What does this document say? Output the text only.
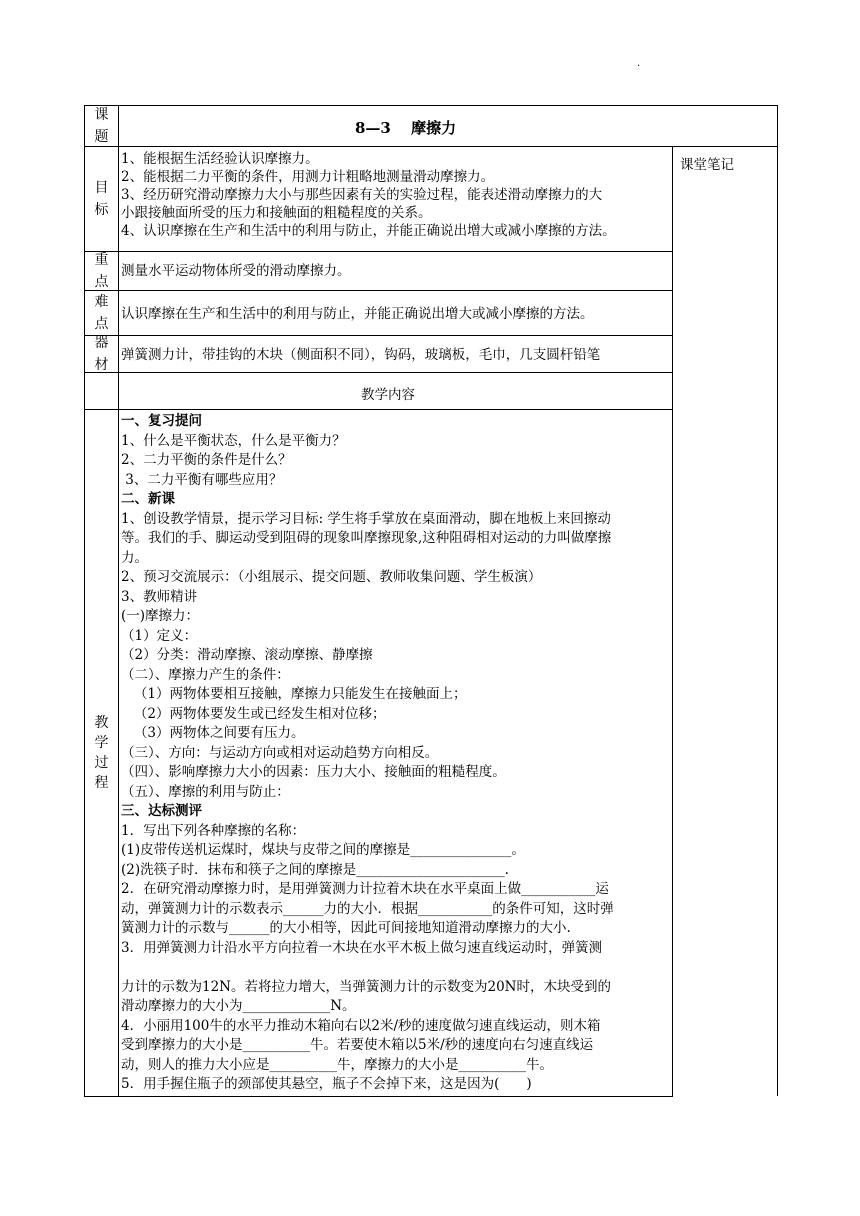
.
课
题	8—3　 摩擦力
目
标
1、能根据生活经验认识摩擦力。
2、能根据二力平衡的条件，用测力计粗略地测量滑动摩擦力。
3、经历研究滑动摩擦力大小与那些因素有关的实验过程，能表述滑动摩擦力的大
小跟接触面所受的压力和接触面的粗糙程度的关系。
4、认识摩擦在生产和生活中的利用与防止，并能正确说出增大或减小摩擦的方法。
课堂笔记
重
点
测量水平运动物体所受的滑动摩擦力。
难
点
认识摩擦在生产和生活中的利用与防止，并能正确说出增大或减小摩擦的方法。
器
材
弹簧测力计，带挂钩的木块（侧面积不同），钩码，玻璃板，毛巾，几支圆杆铅笔
教学内容
教
学
过
程
一、复习提问
1、什么是平衡状态，什么是平衡力？
2、二力平衡的条件是什么？
3、二力平衡有哪些应用？
二、新课
1、创设教学情景，提示学习目标: 学生将手掌放在桌面滑动，脚在地板上来回擦动
等。我们的手、脚运动受到阻碍的现象叫摩擦现象,这种阻碍相对运动的力叫做摩擦
力。
2、预习交流展示：（小组展示、提交问题、教师收集问题、学生板演）
3、教师精讲
(一)摩擦力：
（1）定义：
（2）分类：滑动摩擦、滚动摩擦、静摩擦
（二）、摩擦力产生的条件：
（1）两物体要相互接触，摩擦力只能发生在接触面上；
（2）两物体要发生或已经发生相对位移；
（3）两物体之间要有压力。
（三）、方向：与运动方向或相对运动趋势方向相反。
（四）、影响摩擦力大小的因素：压力大小、接触面的粗糙程度。
（五）、摩擦的利用与防止：
三、达标测评
1．写出下列各种摩擦的名称：
(1)皮带传送机运煤时，煤块与皮带之间的摩擦是_______________。
(2)洗筷子时．抹布和筷子之间的摩擦是______________________.
2．在研究滑动摩擦力时，是用弹簧测力计拉着木块在水平桌面上做___________运
动，弹簧测力计的示数表示______力的大小．根据___________的条件可知，这时弹
簧测力计的示数与______的大小相等，因此可间接地知道滑动摩擦力的大小.
3．用弹簧测力计沿水平方向拉着一木块在水平木板上做匀速直线运动时，弹簧测
力计的示数为12N。若将拉力增大，当弹簧测力计的示数变为20N时，木块受到的
滑动摩擦力的大小为_____________N。
4．小丽用100牛的水平力推动木箱向右以2米/秒的速度做匀速直线运动，则木箱
受到摩擦力的大小是__________牛。若要使木箱以5米/秒的速度向右匀速直线运
动，则人的推力大小应是__________牛，摩擦力的大小是__________牛。
5．用手握住瓶子的颈部使其悬空，瓶子不会掉下来，这是因为(　　)
